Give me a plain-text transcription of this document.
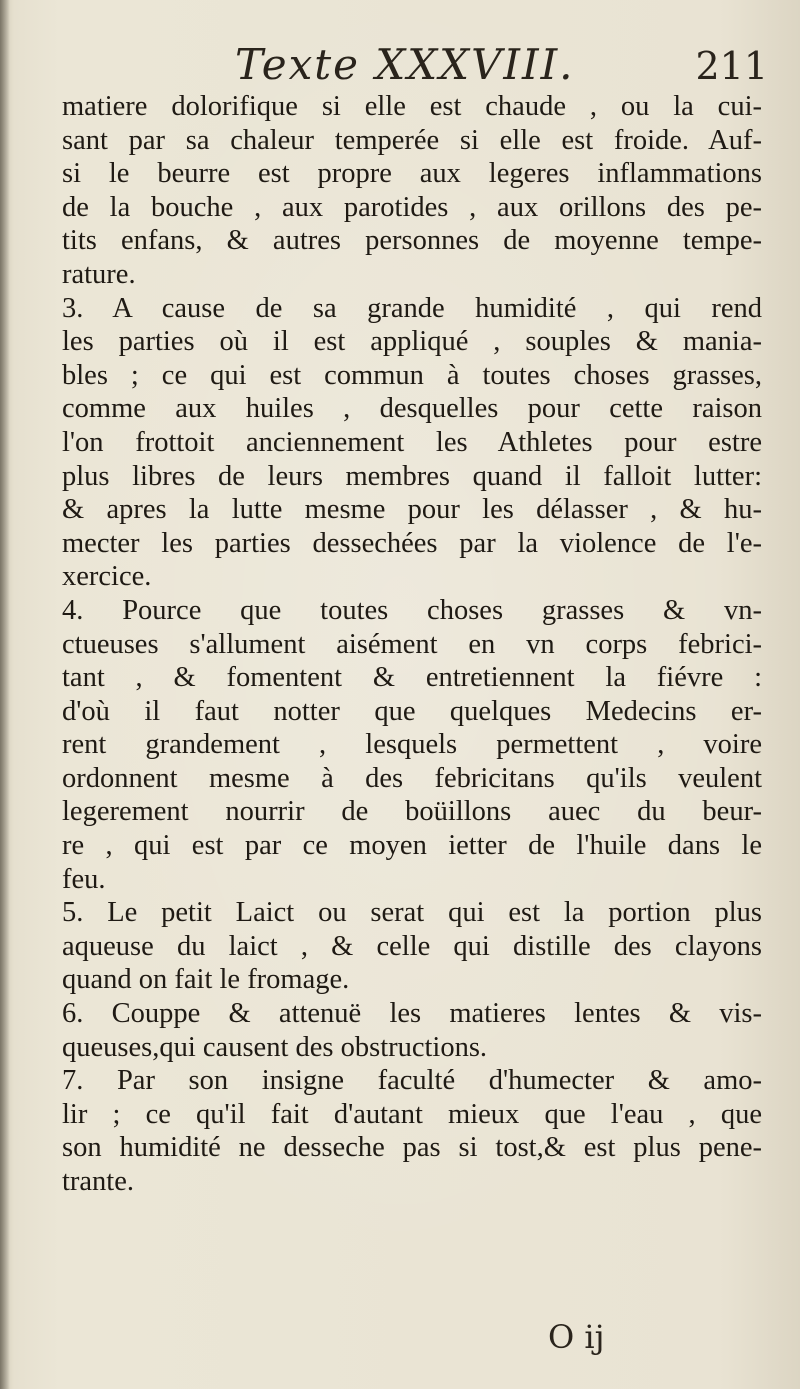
Texte XXXVIII.	211
matiere dolorifique si elle est chaude , ou la cui-
sant par sa chaleur temperée si elle est froide. Auf-
si le beurre est propre aux legeres inflammations
de la bouche , aux parotides , aux orillons des pe-
tits enfans, & autres personnes de moyenne tempe-
rature.
3. A cause de sa grande humidité , qui rend
les parties où il est appliqué , souples & mania-
bles ; ce qui est commun à toutes choses grasses,
comme aux huiles , desquelles pour cette raison
l'on frottoit anciennement les Athletes pour estre
plus libres de leurs membres quand il falloit lutter:
& apres la lutte mesme pour les délasser , & hu-
mecter les parties dessechées par la violence de l'e-
xercice.
4. Pource que toutes choses grasses & vn-
ctueuses s'allument aisément en vn corps febrici-
tant , & fomentent & entretiennent la fiévre :
d'où il faut notter que quelques Medecins er-
rent grandement , lesquels permettent , voire
ordonnent mesme à des febricitans qu'ils veulent
legerement nourrir de boüillons auec du beur-
re , qui est par ce moyen ietter de l'huile dans le
feu.
5. Le petit Laict ou serat qui est la portion plus
aqueuse du laict , & celle qui distille des clayons
quand on fait le fromage.
6. Couppe & attenuë les matieres lentes & vis-
queuses,qui causent des obstructions.
7. Par son insigne faculté d'humecter & amo-
lir ; ce qu'il fait d'autant mieux que l'eau , que
son humidité ne desseche pas si tost,& est plus pene-
trante.
O ij
